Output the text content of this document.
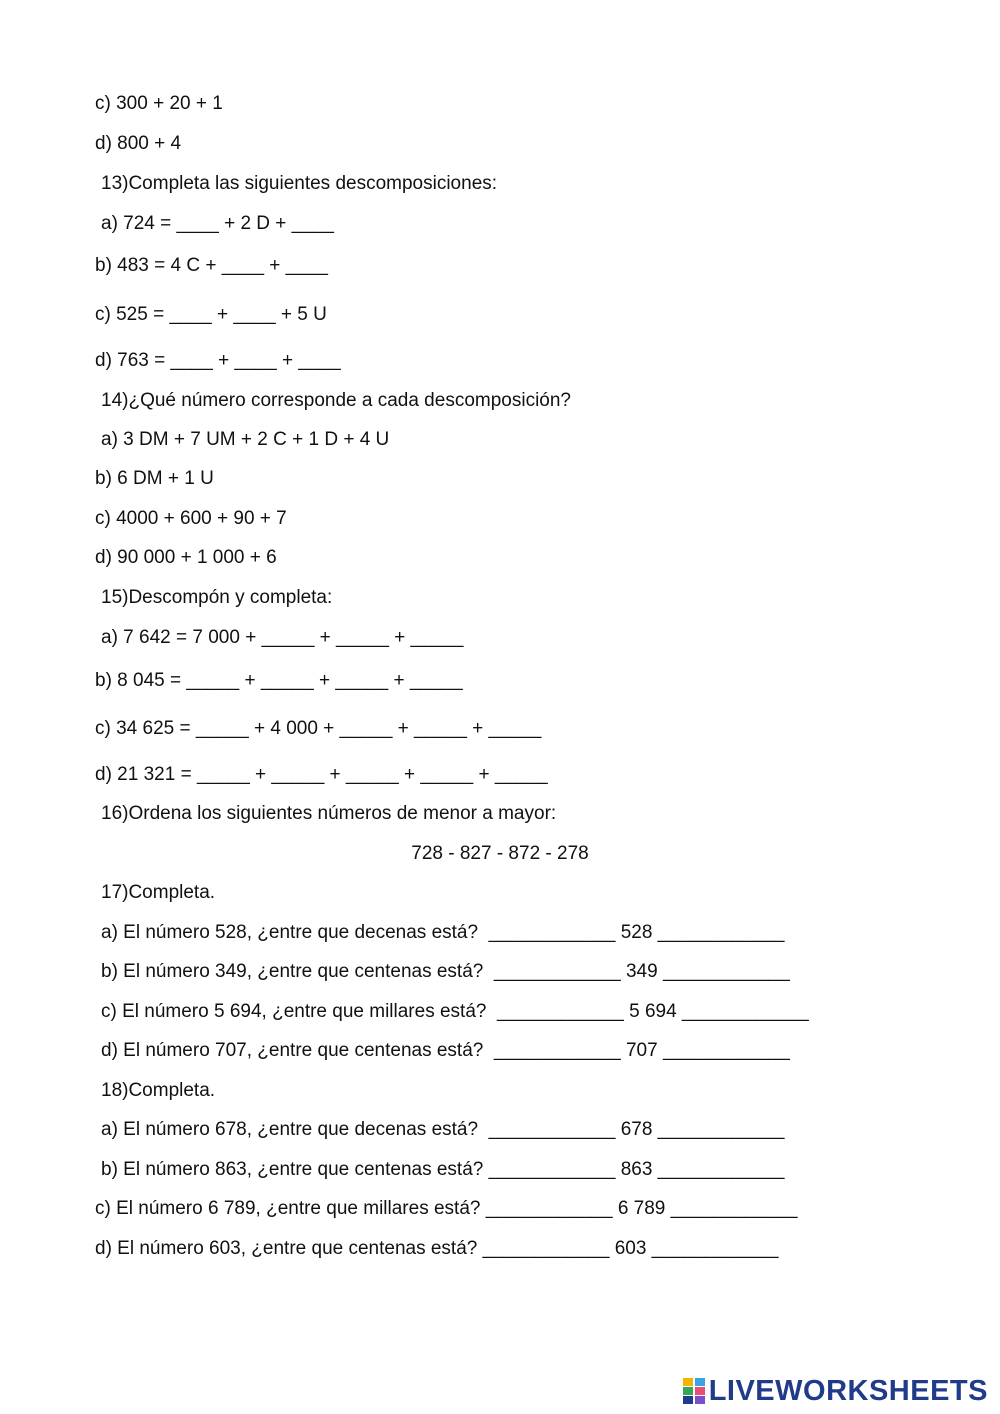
c) 300 + 20 + 1
d) 800 + 4
13)Completa las siguientes descomposiciones:
a) 724 = ____ + 2 D + ____
b) 483 = 4 C + ____ + ____
c) 525 = ____ + ____ + 5 U
d) 763 = ____ + ____ + ____
14)¿Qué número corresponde a cada descomposición?
a) 3 DM + 7 UM + 2 C + 1 D + 4 U
b) 6 DM + 1 U
c) 4000 + 600 + 90 + 7
d) 90 000 + 1 000 + 6
15)Descompón y completa:
a) 7 642 = 7 000 + _____ + _____ + _____
b) 8 045 = _____ + _____ + _____ + _____
c) 34 625 = _____ + 4 000 + _____ + _____ + _____
d) 21 321 = _____ + _____ + _____ + _____ + _____
16)Ordena los siguientes números de menor a mayor:
728 - 827 - 872 - 278
17)Completa.
a) El número 528, ¿entre que decenas está?  ____________ 528 ____________
b) El número 349, ¿entre que centenas está?  ____________ 349 ____________
c) El número 5 694, ¿entre que millares está?  ____________ 5 694 ____________
d) El número 707, ¿entre que centenas está?  ____________ 707 ____________
18)Completa.
a) El número 678, ¿entre que decenas está?  ____________ 678 ____________
b) El número 863, ¿entre que centenas está? ____________ 863 ____________
c) El número 6 789, ¿entre que millares está? ____________ 6 789 ____________
d) El número 603, ¿entre que centenas está? ____________ 603 ____________
LIVEWORKSHEETS
